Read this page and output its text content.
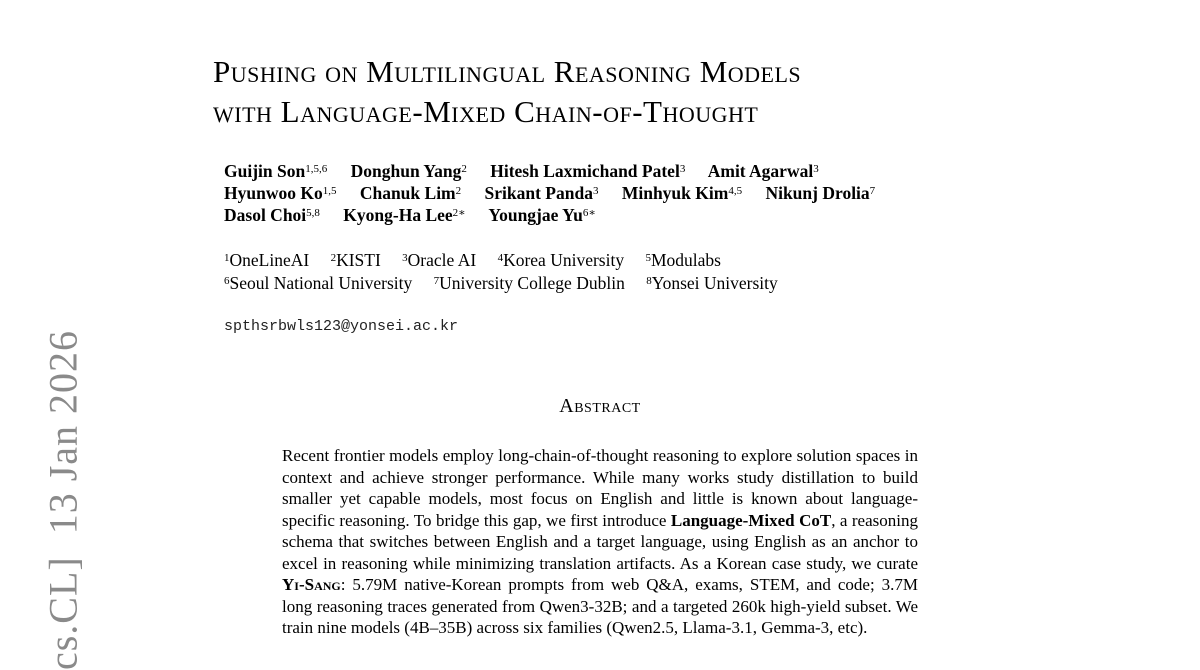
Pushing on Multilingual Reasoning Models
with Language-Mixed Chain-of-Thought
Guijin Son$^{1,5,6}$ Donghun Yang$^2$ Hitesh Laxmichand Patel$^3$ Amit Agarwal$^3$
Hyunwoo Ko$^{1,5}$ Chanuk Lim$^2$ Srikant Panda$^3$ Minhyuk Kim$^{4,5}$ Nikunj Drolia$^7$
Dasol Choi$^{5,8}$ Kyong-Ha Lee$^{2∗}$ Youngjae $Yu^{6∗}$
$^1$OneLineAI $^2$KISTI $^3$Oracle AI $^4$Korea University $^5$Modulabs
$^6$Seoul National University $^7$University College Dublin $^8$Yonsei University
spthsrbwls123@yonsei.ac.kr
Abstract

Recent frontier models employ long-chain-of-thought reasoning to explore solution spaces in context and achieve stronger performance. While many works study distillation to build smaller yet capable models, most focus on English and little is known about language-specific reasoning. To bridge this gap, we first introduce Language-Mixed CoT, a reasoning schema that switches between English and a target language, using English as an anchor to excel in reasoning while minimizing translation artifacts. As a Korean case study, we curate Yi-Sang: 5.79M native-Korean prompts from web Q&A, exams, STEM, and code; 3.7M long reasoning traces generated from Qwen3-32B; and a targeted 260k high-yield subset. We train nine models (4B–35B) across six families (Qwen2.5, Llama-3.1, Gemma-3, etc).

cs.CL]13 Jan 2026
